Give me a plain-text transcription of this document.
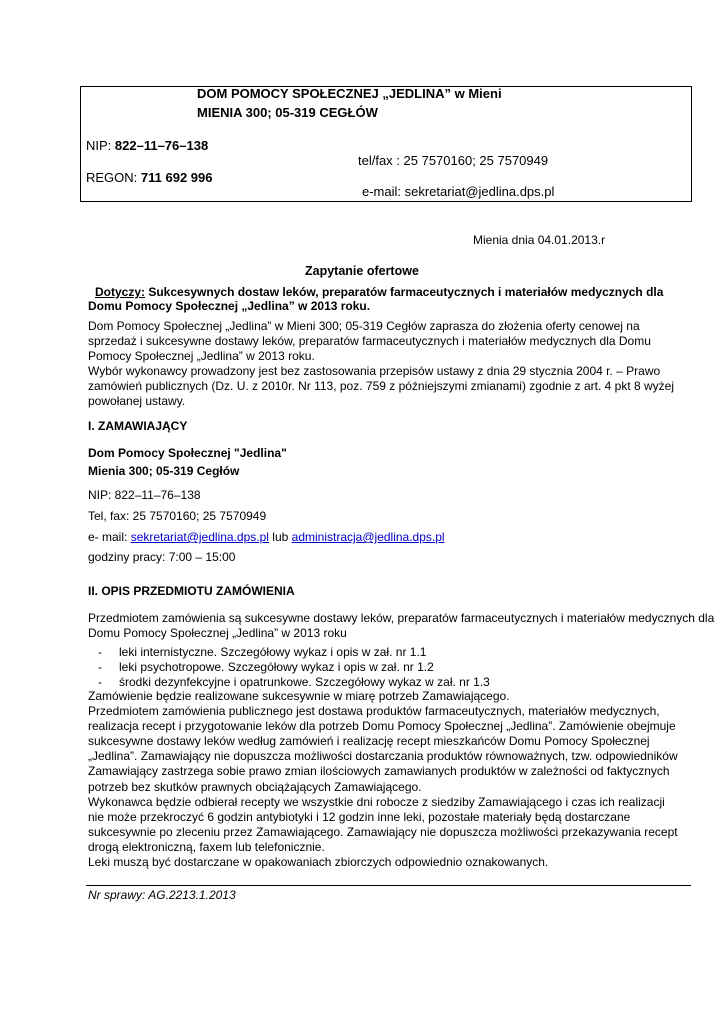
DOM POMOCY SPOŁECZNEJ „JEDLINA” w Mieni
MIENIA 300; 05-319 CEGŁÓW
NIP: 822–11–76–138
tel/fax : 25 7570160; 25 7570949
REGON: 711 692 996
e-mail: sekretariat@jedlina.dps.pl
Mienia dnia 04.01.2013.r
Zapytanie ofertowe
Dotyczy: Sukcesywnych dostaw leków, preparatów farmaceutycznych i materiałów medycznych dla
Domu Pomocy Społecznej „Jedlina” w 2013 roku.
Dom Pomocy Społecznej „Jedlina” w Mieni 300; 05-319 Cegłów zaprasza do złożenia oferty cenowej na
sprzedaż i sukcesywne dostawy leków, preparatów farmaceutycznych i materiałów medycznych dla Domu
Pomocy Społecznej „Jedlina” w 2013 roku.
Wybór wykonawcy prowadzony jest bez zastosowania przepisów ustawy z dnia 29 stycznia 2004 r. – Prawo
zamówień publicznych (Dz. U. z 2010r. Nr 113, poz. 759 z późniejszymi zmianami) zgodnie z art. 4 pkt 8 wyżej
powołanej ustawy.
I. ZAMAWIAJĄCY
Dom Pomocy Społecznej "Jedlina"
Mienia 300; 05-319 Cegłów
NIP: 822–11–76–138
Tel, fax: 25 7570160; 25 7570949
e- mail: sekretariat@jedlina.dps.pl lub administracja@jedlina.dps.pl
godziny pracy: 7:00 – 15:00
II. OPIS PRZEDMIOTU ZAMÓWIENIA
Przedmiotem zamówienia są sukcesywne dostawy leków, preparatów farmaceutycznych i materiałów medycznych dla
Domu Pomocy Społecznej „Jedlina” w 2013 roku
- leki internistyczne. Szczegółowy wykaz i opis w zał. nr 1.1
- leki psychotropowe. Szczegółowy wykaz i opis w zał. nr 1.2
- środki dezynfekcyjne i opatrunkowe. Szczegółowy wykaz w zał. nr 1.3
Zamówienie będzie realizowane sukcesywnie w miarę potrzeb Zamawiającego.
Przedmiotem zamówienia publicznego jest dostawa produktów farmaceutycznych, materiałów medycznych,
realizacja recept i przygotowanie leków dla potrzeb Domu Pomocy Społecznej „Jedlina”. Zamówienie obejmuje
sukcesywne dostawy leków według zamówień i realizację recept mieszkańców Domu Pomocy Społecznej
„Jedlina”. Zamawiający nie dopuszcza możliwości dostarczania produktów równoważnych, tzw. odpowiedników
Zamawiający zastrzega sobie prawo zmian ilościowych zamawianych produktów w zależności od faktycznych
potrzeb bez skutków prawnych obciążających Zamawiającego.
Wykonawca będzie odbierał recepty we wszystkie dni robocze z siedziby Zamawiającego i czas ich realizacji
nie może przekroczyć 6 godzin antybiotyki i 12 godzin inne leki, pozostałe materiały będą dostarczane
sukcesywnie po zleceniu przez Zamawiającego. Zamawiający nie dopuszcza możliwości przekazywania recept
drogą elektroniczną, faxem lub telefonicznie.
Leki muszą być dostarczane w opakowaniach zbiorczych odpowiednio oznakowanych.
Nr sprawy: AG.2213.1.2013
